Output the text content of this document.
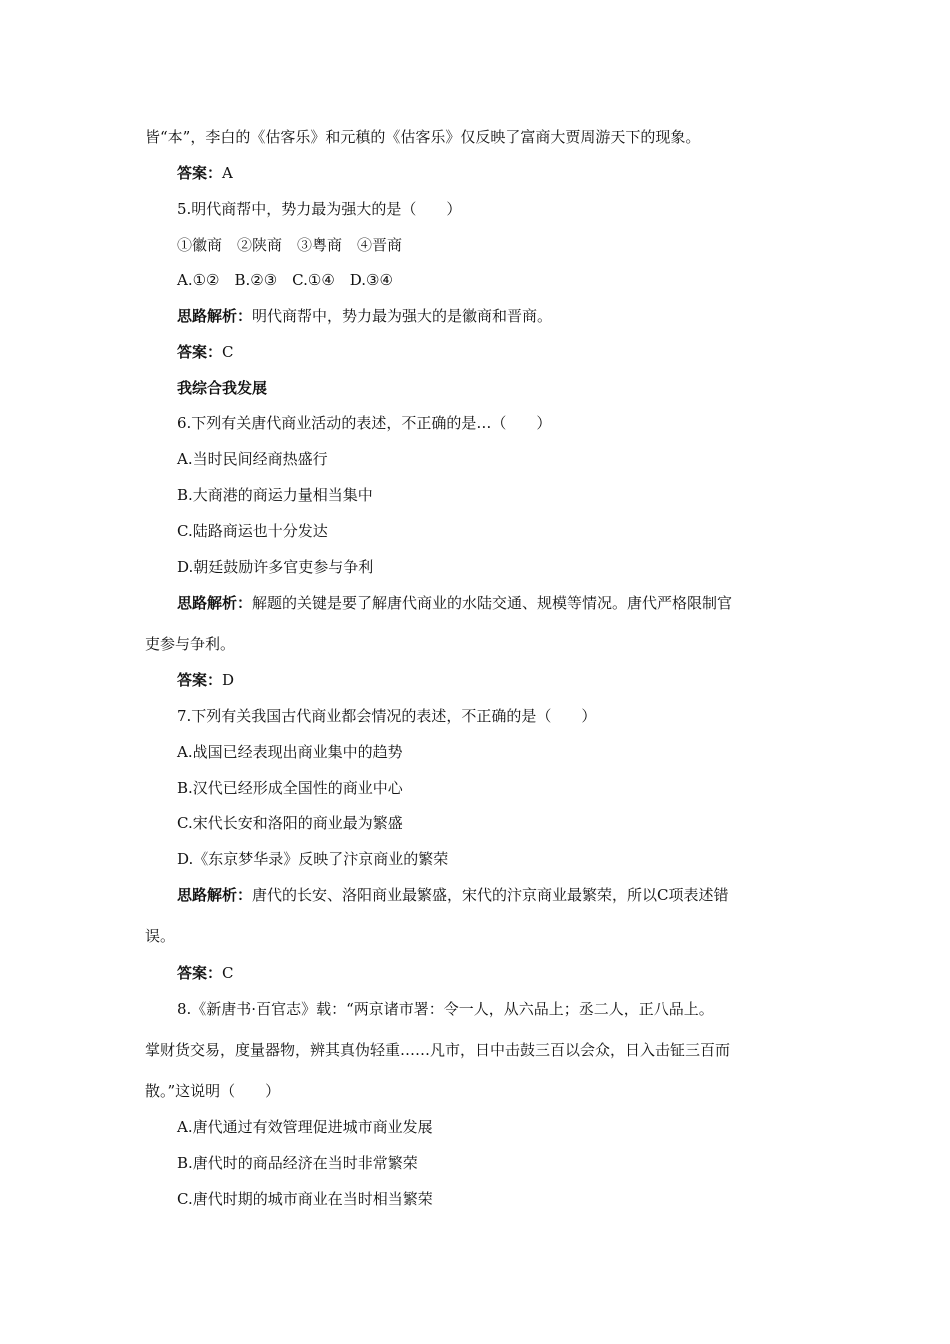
皆“本”，李白的《估客乐》和元稹的《估客乐》仅反映了富商大贾周游天下的现象。
答案：A
5.明代商帮中，势力最为强大的是（　　）
①徽商　②陕商　③粤商　④晋商
A.①②　B.②③　C.①④　D.③④
思路解析：明代商帮中，势力最为强大的是徽商和晋商。
答案：C
我综合我发展
6.下列有关唐代商业活动的表述，不正确的是…（　　）
A.当时民间经商热盛行
B.大商港的商运力量相当集中
C.陆路商运也十分发达
D.朝廷鼓励许多官吏参与争利
思路解析：解题的关键是要了解唐代商业的水陆交通、规模等情况。唐代严格限制官
吏参与争利。
答案：D
7.下列有关我国古代商业都会情况的表述，不正确的是（　　）
A.战国已经表现出商业集中的趋势
B.汉代已经形成全国性的商业中心
C.宋代长安和洛阳的商业最为繁盛
D.《东京梦华录》反映了汴京商业的繁荣
思路解析：唐代的长安、洛阳商业最繁盛，宋代的汴京商业最繁荣，所以C项表述错
误。
答案：C
8.《新唐书·百官志》载：“两京诸市署：令一人，从六品上；丞二人，正八品上。
掌财货交易，度量器物，辨其真伪轻重……凡市，日中击鼓三百以会众，日入击钲三百而
散。”这说明（　　）
A.唐代通过有效管理促进城市商业发展
B.唐代时的商品经济在当时非常繁荣
C.唐代时期的城市商业在当时相当繁荣
